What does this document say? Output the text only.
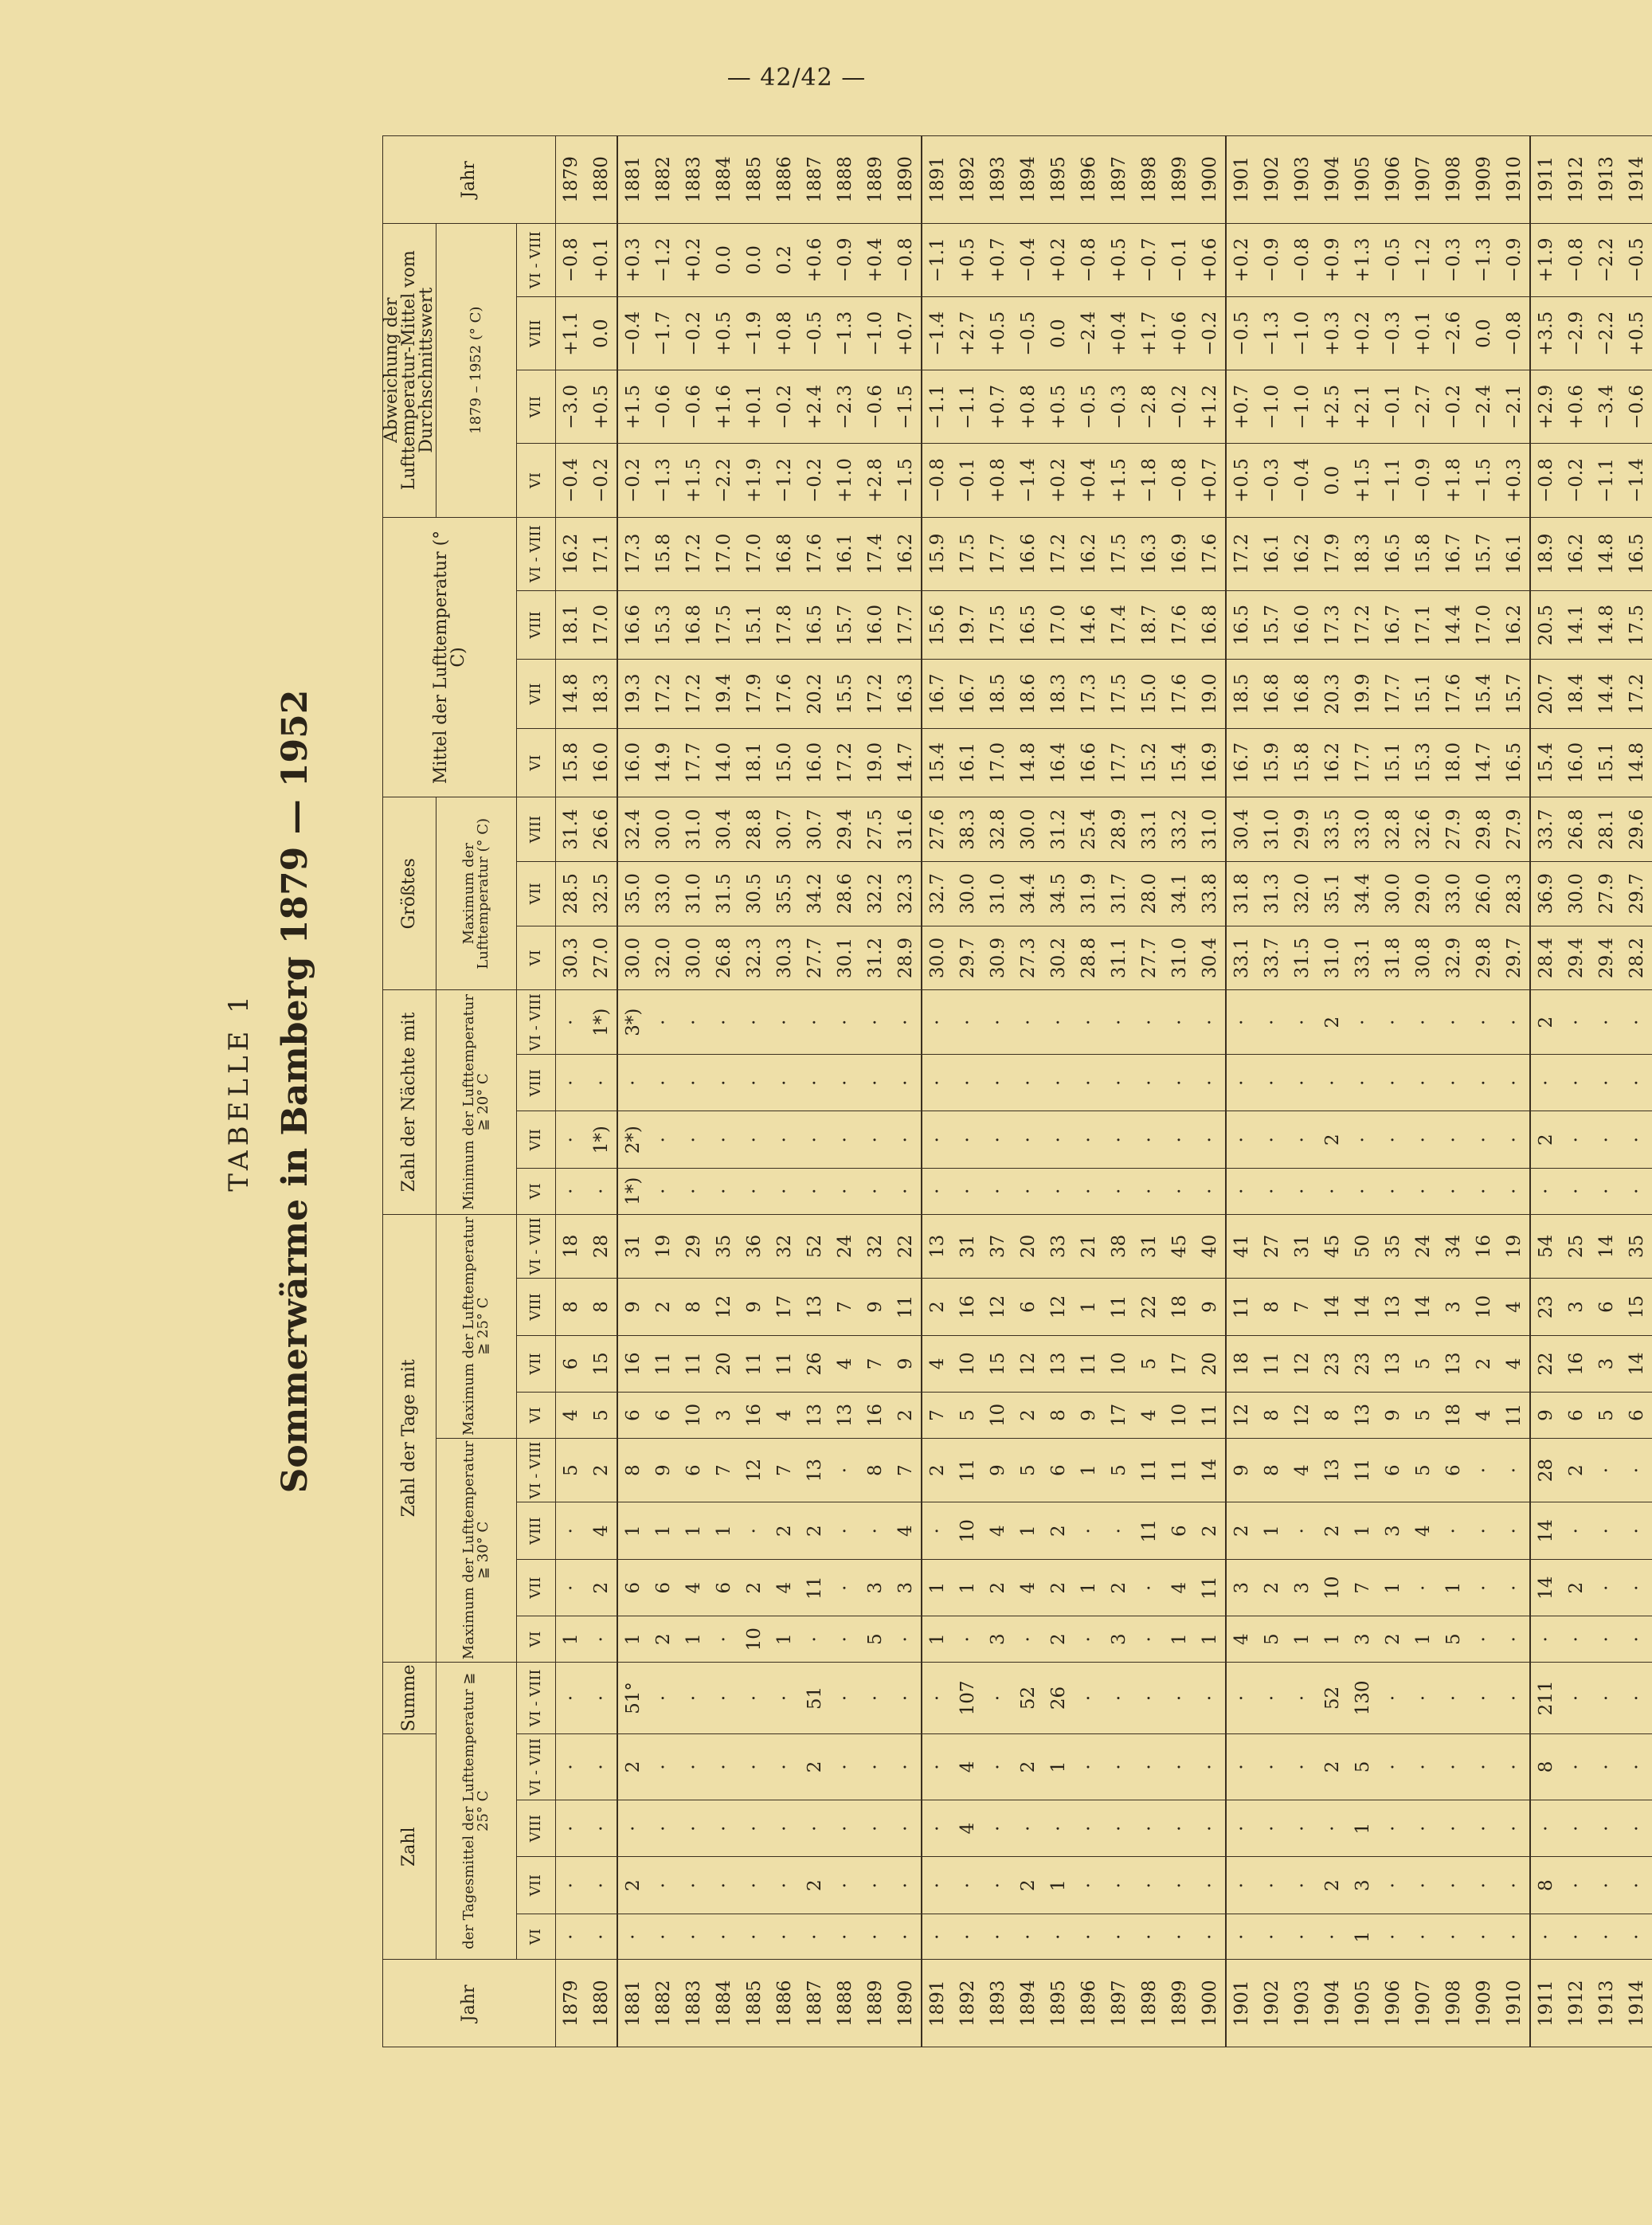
— 42/42 —
TABELLE 1 Sommerwärme in Bamberg 1879 — 1952
Jahr	Zahl				Summe	Zahl der Tage mit								Zahl der Nächte mit				Größtes			Mittel der Lufttemperatur (° C)				Abweichung der Lufttemperatur-Mittel vom Durchschnittswert				Jahr
	der Tagesmittel der Lufttemperatur ≧ 25° C					Maximum der Lufttemperatur ≧ 30° C				Maximum der Lufttemperatur ≧ 25° C				Minimum der Lufttemperatur ≧ 20° C				Maximum der Lufttemperatur (° C)							1879 – 1952 (° C)				
	VI	VII	VIII	VI - VIII	VI - VIII	VI	VII	VIII	VI - VIII	VI	VII	VIII	VI - VIII	VI	VII	VIII	VI - VIII	VI	VII	VIII	VI	VII	VIII	VI - VIII	VI	VII	VIII	VI - VIII	
1879	·	·	·	·	·	1	·	·	5	4	6	8	18	·	·	·	·	30.3	28.5	31.4	15.8	14.8	18.1	16.2	−0.4	−3.0	+1.1	−0.8	1879
1880	·	·	·	·	·	·	2	4	2	5	15	8	28	·	1*)	·	1*)	27.0	32.5	26.6	16.0	18.3	17.0	17.1	−0.2	+0.5	0.0	+0.1	1880
1881	·	2	·	2	51°	1	6	1	8	6	16	9	31	1*)	2*)	·	3*)	30.0	35.0	32.4	16.0	19.3	16.6	17.3	−0.2	+1.5	−0.4	+0.3	1881
1882	·	·	·	·	·	2	6	1	9	6	11	2	19	·	·	·	·	32.0	33.0	30.0	14.9	17.2	15.3	15.8	−1.3	−0.6	−1.7	−1.2	1882
1883	·	·	·	·	·	1	4	1	6	10	11	8	29	·	·	·	·	30.0	31.0	31.0	17.7	17.2	16.8	17.2	+1.5	−0.6	−0.2	+0.2	1883
1884	·	·	·	·	·	·	6	1	7	3	20	12	35	·	·	·	·	26.8	31.5	30.4	14.0	19.4	17.5	17.0	−2.2	+1.6	+0.5	0.0	1884
1885	·	·	·	·	·	10	2	·	12	16	11	9	36	·	·	·	·	32.3	30.5	28.8	18.1	17.9	15.1	17.0	+1.9	+0.1	−1.9	0.0	1885
1886	·	·	·	·	·	1	4	2	7	4	11	17	32	·	·	·	·	30.3	35.5	30.7	15.0	17.6	17.8	16.8	−1.2	−0.2	+0.8	0.2	1886
1887	·	2	·	2	51	·	11	2	13	13	26	13	52	·	·	·	·	27.7	34.2	30.7	16.0	20.2	16.5	17.6	−0.2	+2.4	−0.5	+0.6	1887
1888	·	·	·	·	·	·	·	·	·	13	4	7	24	·	·	·	·	30.1	28.6	29.4	17.2	15.5	15.7	16.1	+1.0	−2.3	−1.3	−0.9	1888
1889	·	·	·	·	·	5	3	·	8	16	7	9	32	·	·	·	·	31.2	32.2	27.5	19.0	17.2	16.0	17.4	+2.8	−0.6	−1.0	+0.4	1889
1890	·	·	·	·	·	·	3	4	7	2	9	11	22	·	·	·	·	28.9	32.3	31.6	14.7	16.3	17.7	16.2	−1.5	−1.5	+0.7	−0.8	1890
1891	·	·	·	·	·	1	1	·	2	7	4	2	13	·	·	·	·	30.0	32.7	27.6	15.4	16.7	15.6	15.9	−0.8	−1.1	−1.4	−1.1	1891
1892	·	·	4	4	107	·	1	10	11	5	10	16	31	·	·	·	·	29.7	30.0	38.3	16.1	16.7	19.7	17.5	−0.1	−1.1	+2.7	+0.5	1892
1893	·	·	·	·	·	3	2	4	9	10	15	12	37	·	·	·	·	30.9	31.0	32.8	17.0	18.5	17.5	17.7	+0.8	+0.7	+0.5	+0.7	1893
1894	·	2	·	2	52	·	4	1	5	2	12	6	20	·	·	·	·	27.3	34.4	30.0	14.8	18.6	16.5	16.6	−1.4	+0.8	−0.5	−0.4	1894
1895	·	1	·	1	26	2	2	2	6	8	13	12	33	·	·	·	·	30.2	34.5	31.2	16.4	18.3	17.0	17.2	+0.2	+0.5	0.0	+0.2	1895
1896	·	·	·	·	·	·	1	·	1	9	11	1	21	·	·	·	·	28.8	31.9	25.4	16.6	17.3	14.6	16.2	+0.4	−0.5	−2.4	−0.8	1896
1897	·	·	·	·	·	3	2	·	5	17	10	11	38	·	·	·	·	31.1	31.7	28.9	17.7	17.5	17.4	17.5	+1.5	−0.3	+0.4	+0.5	1897
1898	·	·	·	·	·	·	·	11	11	4	5	22	31	·	·	·	·	27.7	28.0	33.1	15.2	15.0	18.7	16.3	−1.8	−2.8	+1.7	−0.7	1898
1899	·	·	·	·	·	1	4	6	11	10	17	18	45	·	·	·	·	31.0	34.1	33.2	15.4	17.6	17.6	16.9	−0.8	−0.2	+0.6	−0.1	1899
1900	·	·	·	·	·	1	11	2	14	11	20	9	40	·	·	·	·	30.4	33.8	31.0	16.9	19.0	16.8	17.6	+0.7	+1.2	−0.2	+0.6	1900
1901	·	·	·	·	·	4	3	2	9	12	18	11	41	·	·	·	·	33.1	31.8	30.4	16.7	18.5	16.5	17.2	+0.5	+0.7	−0.5	+0.2	1901
1902	·	·	·	·	·	5	2	1	8	8	11	8	27	·	·	·	·	33.7	31.3	31.0	15.9	16.8	15.7	16.1	−0.3	−1.0	−1.3	−0.9	1902
1903	·	·	·	·	·	1	3	·	4	12	12	7	31	·	·	·	·	31.5	32.0	29.9	15.8	16.8	16.0	16.2	−0.4	−1.0	−1.0	−0.8	1903
1904	·	2	·	2	52	1	10	2	13	8	23	14	45	·	2	·	2	31.0	35.1	33.5	16.2	20.3	17.3	17.9	0.0	+2.5	+0.3	+0.9	1904
1905	1	3	1	5	130	3	7	1	11	13	23	14	50	·	·	·	·	33.1	34.4	33.0	17.7	19.9	17.2	18.3	+1.5	+2.1	+0.2	+1.3	1905
1906	·	·	·	·	·	2	1	3	6	9	13	13	35	·	·	·	·	31.8	30.0	32.8	15.1	17.7	16.7	16.5	−1.1	−0.1	−0.3	−0.5	1906
1907	·	·	·	·	·	1	·	4	5	5	5	14	24	·	·	·	·	30.8	29.0	32.6	15.3	15.1	17.1	15.8	−0.9	−2.7	+0.1	−1.2	1907
1908	·	·	·	·	·	5	1	·	6	18	13	3	34	·	·	·	·	32.9	33.0	27.9	18.0	17.6	14.4	16.7	+1.8	−0.2	−2.6	−0.3	1908
1909	·	·	·	·	·	·	·	·	·	4	2	10	16	·	·	·	·	29.8	26.0	29.8	14.7	15.4	17.0	15.7	−1.5	−2.4	0.0	−1.3	1909
1910	·	·	·	·	·	·	·	·	·	11	4	4	19	·	·	·	·	29.7	28.3	27.9	16.5	15.7	16.2	16.1	+0.3	−2.1	−0.8	−0.9	1910
1911	·	8	·	8	211	·	14	14	28	9	22	23	54	·	2	·	2	28.4	36.9	33.7	15.4	20.7	20.5	18.9	−0.8	+2.9	+3.5	+1.9	1911
1912	·	·	·	·	·	·	2	·	2	6	16	3	25	·	·	·	·	29.4	30.0	26.8	16.0	18.4	14.1	16.2	−0.2	+0.6	−2.9	−0.8	1912
1913	·	·	·	·	·	·	·	·	·	5	3	6	14	·	·	·	·	29.4	27.9	28.1	15.1	14.4	14.8	14.8	−1.1	−3.4	−2.2	−2.2	1913
1914	·	·	·	·	·	·	·	·	·	6	14	15	35	·	·	·	·	28.2	29.7	29.6	14.8	17.2	17.5	16.5	−1.4	−0.6	+0.5	−0.5	1914
